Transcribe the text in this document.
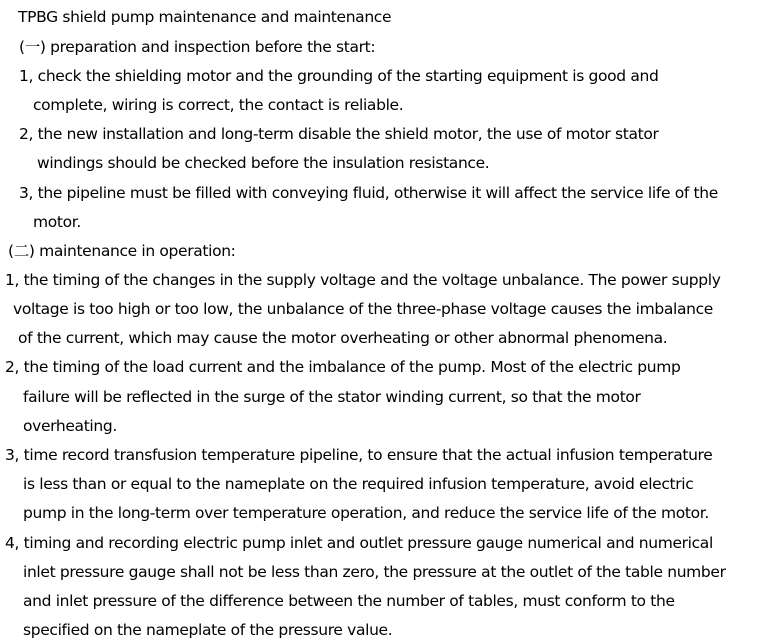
TPBG shield pump maintenance and maintenance
(一) preparation and inspection before the start:
1, check the shielding motor and the grounding of the starting equipment is good and
complete, wiring is correct, the contact is reliable.
2, the new installation and long-term disable the shield motor, the use of motor stator
windings should be checked before the insulation resistance.
3, the pipeline must be filled with conveying fluid, otherwise it will affect the service life of the
motor.
(二) maintenance in operation:
1, the timing of the changes in the supply voltage and the voltage unbalance. The power supply
voltage is too high or too low, the unbalance of the three-phase voltage causes the imbalance
of the current, which may cause the motor overheating or other abnormal phenomena.
2, the timing of the load current and the imbalance of the pump. Most of the electric pump
failure will be reflected in the surge of the stator winding current, so that the motor
overheating.
3, time record transfusion temperature pipeline, to ensure that the actual infusion temperature
is less than or equal to the nameplate on the required infusion temperature, avoid electric
pump in the long-term over temperature operation, and reduce the service life of the motor.
4, timing and recording electric pump inlet and outlet pressure gauge numerical and numerical
inlet pressure gauge shall not be less than zero, the pressure at the outlet of the table number
and inlet pressure of the difference between the number of tables, must conform to the
specified on the nameplate of the pressure value.
